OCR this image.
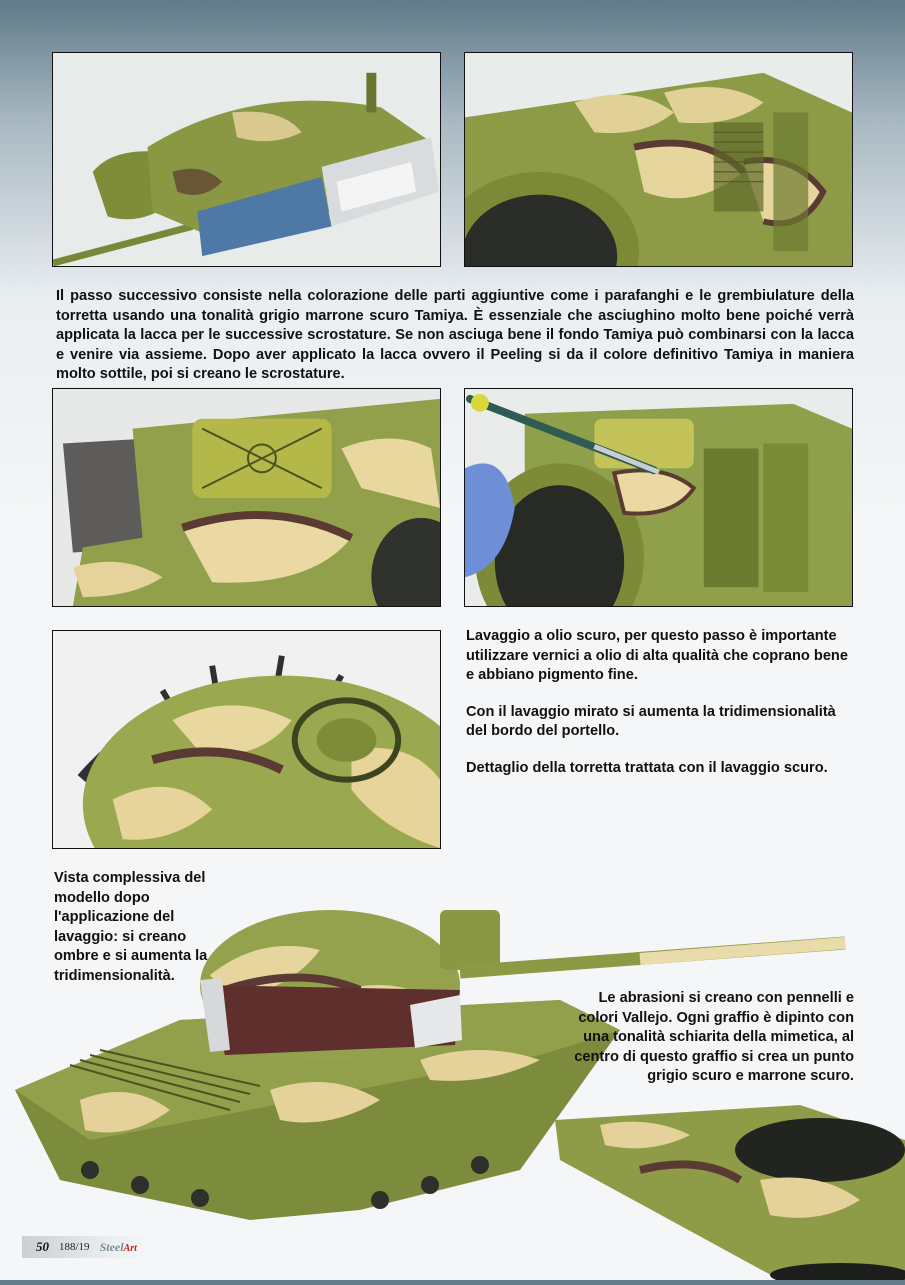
Il passo successivo consiste nella colorazione delle parti aggiuntive come i parafanghi e le grembiulature della torretta usando una tonalità grigio marrone scuro Tamiya. È essenziale che asciughino molto bene poiché verrà applicata la lacca per le successive scrostature. Se non asciuga bene il fondo Tamiya può combinarsi con la lacca e venire via assieme. Dopo aver applicato la lacca ovvero il Peeling si da il colore definitivo Tamiya in maniera molto sottile, poi si creano le scrostature.

Lavaggio a olio scuro, per questo passo è importante utilizzare vernici a olio di alta qualità che coprano bene e abbiano pigmento fine.

Con il lavaggio mirato si aumenta la tridimensionalità del bordo del portello.

Dettaglio della torretta trattata con il lavaggio scuro.

Vista complessiva del modello dopo l'applicazione del lavaggio: si creano ombre e si aumenta la tridimensionalità.

Le abrasioni si creano con pennelli e colori Vallejo. Ogni graffio è dipinto con una tonalità schiarita della mimetica, al centro di questo graffio si crea un punto grigio scuro e marrone scuro.

50 188/19 Steel Art
